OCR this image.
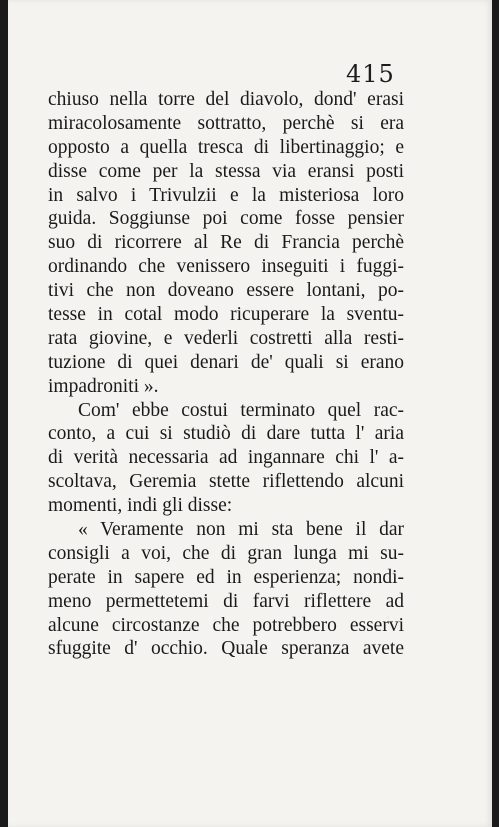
415
chiuso nella torre del diavolo, dond' erasi
miracolosamente sottratto, perchè si era
opposto a quella tresca di libertinaggio; e
disse come per la stessa via eransi posti
in salvo i Trivulzii e la misteriosa loro
guida. Soggiunse poi come fosse pensier
suo di ricorrere al Re di Francia perchè
ordinando che venissero inseguiti i fuggi-
tivi che non doveano essere lontani, po-
tesse in cotal modo ricuperare la sventu-
rata giovine, e vederli costretti alla resti-
tuzione di quei denari de' quali si erano
impadroniti ».
Com' ebbe costui terminato quel rac-
conto, a cui si studiò di dare tutta l' aria
di verità necessaria ad ingannare chi l' a-
scoltava, Geremia stette riflettendo alcuni
momenti, indi gli disse:
« Veramente non mi sta bene il dar
consigli a voi, che di gran lunga mi su-
perate in sapere ed in esperienza; nondi-
meno permettetemi di farvi riflettere ad
alcune circostanze che potrebbero esservi
sfuggite d' occhio. Quale speranza avete
